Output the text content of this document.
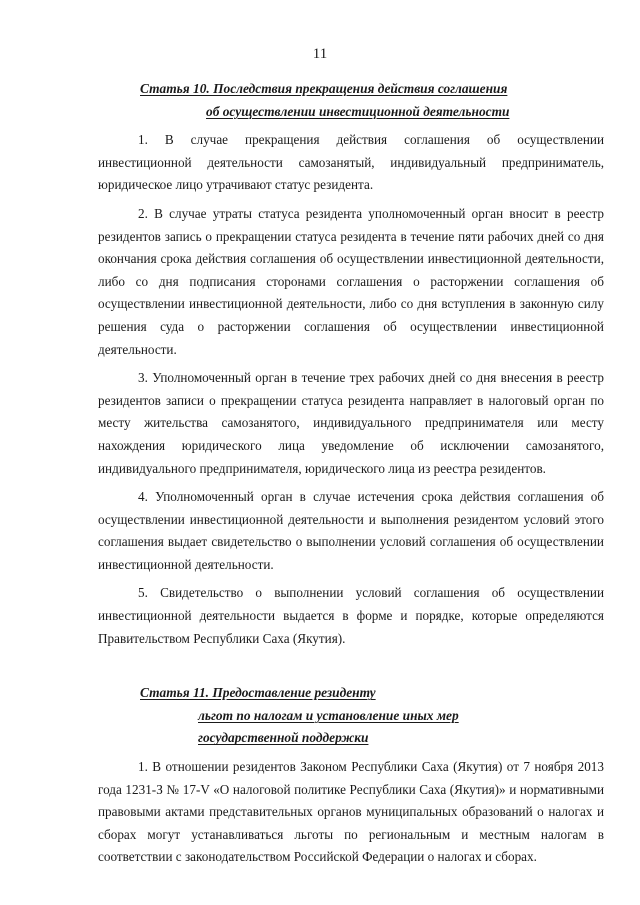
11
Статья 10. Последствия прекращения действия соглашения
об осуществлении инвестиционной деятельности

1. В случае прекращения действия соглашения об осуществлении инвестиционной деятельности самозанятый, индивидуальный предприниматель, юридическое лицо утрачивают статус резидента.

2. В случае утраты статуса резидента уполномоченный орган вносит в реестр резидентов запись о прекращении статуса резидента в течение пяти рабочих дней со дня окончания срока действия соглашения об осуществлении инвестиционной деятельности, либо со дня подписания сторонами соглашения о расторжении соглашения об осуществлении инвестиционной деятельности, либо со дня вступления в законную силу решения суда о расторжении соглашения об осуществлении инвестиционной деятельности.

3. Уполномоченный орган в течение трех рабочих дней со дня внесения в реестр резидентов записи о прекращении статуса резидента направляет в налоговый орган по месту жительства самозанятого, индивидуального предпринимателя или месту нахождения юридического лица уведомление об исключении самозанятого, индивидуального предпринимателя, юридического лица из реестра резидентов.

4. Уполномоченный орган в случае истечения срока действия соглашения об осуществлении инвестиционной деятельности и выполнения резидентом условий этого соглашения выдает свидетельство о выполнении условий соглашения об осуществлении инвестиционной деятельности.

5. Свидетельство о выполнении условий соглашения об осуществлении инвестиционной деятельности выдается в форме и порядке, которые определяются Правительством Республики Саха (Якутия).

Статья 11. Предоставление резиденту
льгот по налогам и установление иных мер
государственной поддержки

1. В отношении резидентов Законом Республики Саха (Якутия) от 7 ноября 2013 года 1231-З № 17-V «О налоговой политике Республики Саха (Якутия)» и нормативными правовыми актами представительных органов муниципальных образований о налогах и сборах могут устанавливаться льготы по региональным и местным налогам в соответствии с законодательством Российской Федерации о налогах и сборах.
